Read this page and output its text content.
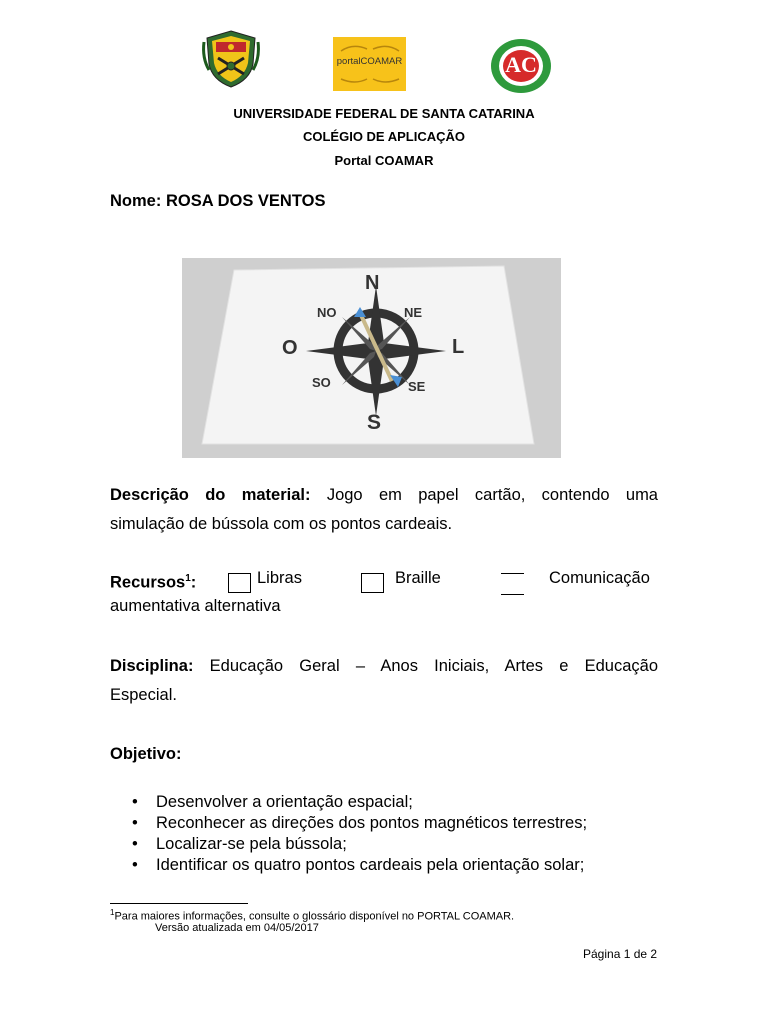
portalCOAMAR	AC
UNIVERSIDADE FEDERAL DE SANTA CATARINA
COLÉGIO DE APLICAÇÃO
Portal COAMAR
Nome: ROSA DOS VENTOS
N
S
O	L
NO	NE
SO	SE
Descrição do material: Jogo em papel cartão, contendo uma
simulação de bússola com os pontos cardeais.
Recursos$^1$:	Libras	Braille	Comunicação
aumentativa alternativa
Disciplina: Educação Geral – Anos Iniciais, Artes e Educação
Especial.
Objetivo:
• Desenvolver a orientação espacial;
• Reconhecer as direções dos pontos magnéticos terrestres;
• Localizar-se pela bússola;
• Identificar os quatro pontos cardeais pela orientação solar;
$^1$Para maiores informações, consulte o glossário disponível no PORTAL COAMAR.
Versão atualizada em 04/05/2017
Página 1 de 2
